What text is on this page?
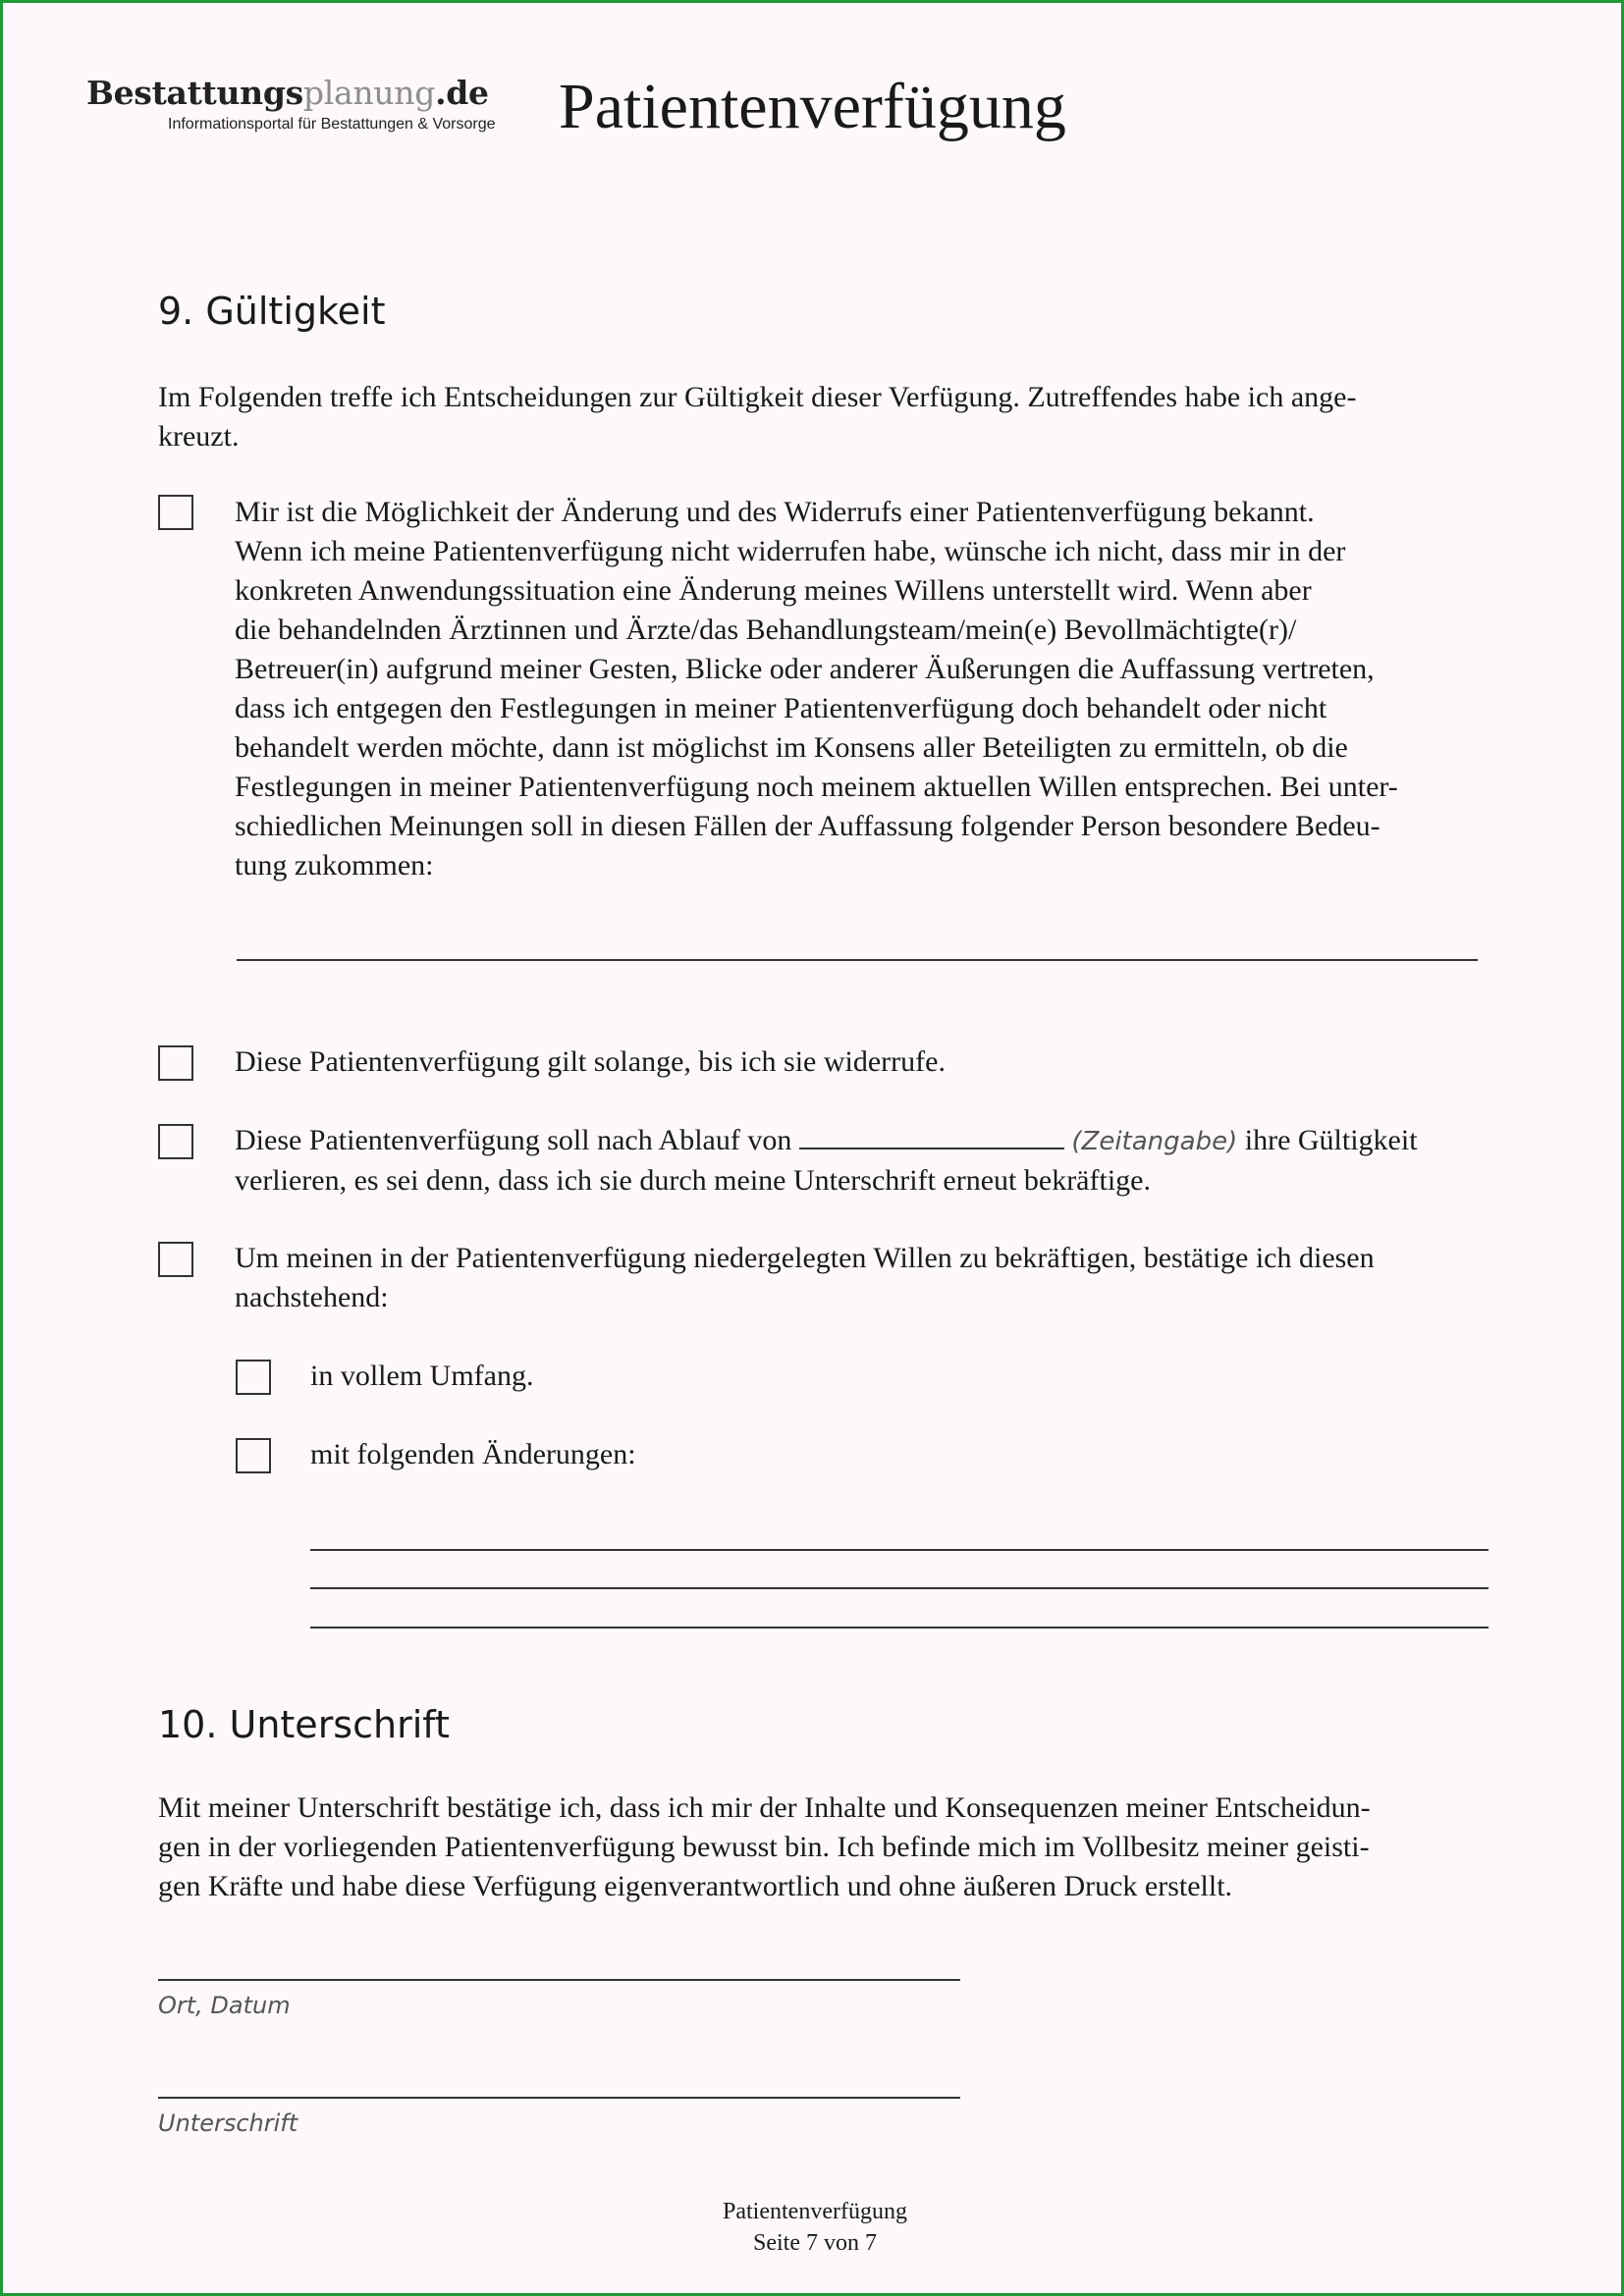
Bestattungsplanung.de
Informationsportal für Bestattungen & Vorsorge Patientenverfügung
9. Gültigkeit
Im Folgenden treffe ich Entscheidungen zur Gültigkeit dieser Verfügung. Zutreffendes habe ich ange-
kreuzt.
Mir ist die Möglichkeit der Änderung und des Widerrufs einer Patientenverfügung bekannt.
Wenn ich meine Patientenverfügung nicht widerrufen habe, wünsche ich nicht, dass mir in der
konkreten Anwendungssituation eine Änderung meines Willens unterstellt wird. Wenn aber
die behandelnden Ärztinnen und Ärzte/das Behandlungsteam/mein(e) Bevollmächtigte(r)/
Betreuer(in) aufgrund meiner Gesten, Blicke oder anderer Äußerungen die Auffassung vertreten,
dass ich entgegen den Festlegungen in meiner Patientenverfügung doch behandelt oder nicht
behandelt werden möchte, dann ist möglichst im Konsens aller Beteiligten zu ermitteln, ob die
Festlegungen in meiner Patientenverfügung noch meinem aktuellen Willen entsprechen. Bei unter-
schiedlichen Meinungen soll in diesen Fällen der Auffassung folgender Person besondere Bedeu-
tung zukommen:
Diese Patientenverfügung gilt solange, bis ich sie widerrufe.
Diese Patientenverfügung soll nach Ablauf von	(Zeitangabe) ihre Gültigkeit
verlieren, es sei denn, dass ich sie durch meine Unterschrift erneut bekräftige.
Um meinen in der Patientenverfügung niedergelegten Willen zu bekräftigen, bestätige ich diesen
nachstehend:
in vollem Umfang.
mit folgenden Änderungen:
10. Unterschrift
Mit meiner Unterschrift bestätige ich, dass ich mir der Inhalte und Konsequenzen meiner Entscheidun-
gen in der vorliegenden Patientenverfügung bewusst bin. Ich befinde mich im Vollbesitz meiner geisti-
gen Kräfte und habe diese Verfügung eigenverantwortlich und ohne äußeren Druck erstellt.
Ort, Datum
Unterschrift
Patientenverfügung
Seite 7 von 7
